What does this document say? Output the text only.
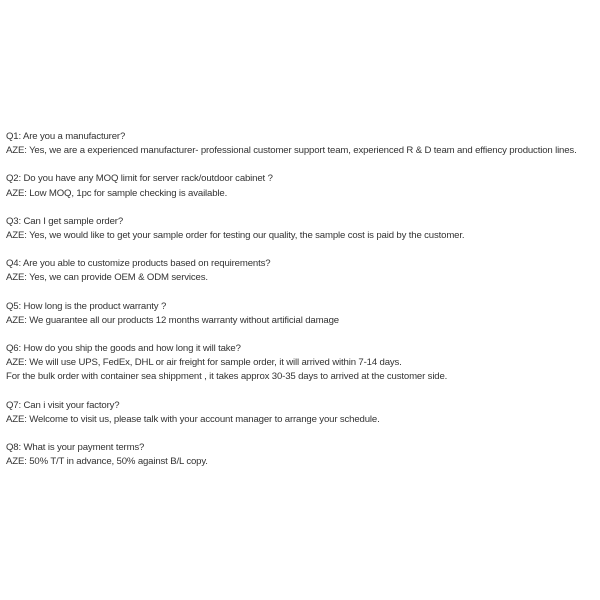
Q1: Are you a manufacturer?
AZE: Yes, we are a experienced manufacturer- professional customer support team, experienced R & D team and effiency production lines.
Q2: Do you have any MOQ limit for server rack/outdoor cabinet ?
AZE: Low MOQ, 1pc for sample checking is available.
Q3: Can I get sample order?
AZE: Yes, we would like to get your sample order for testing our quality, the sample cost is paid by the customer.
Q4: Are you able to customize products based on requirements?
AZE: Yes, we can provide OEM & ODM services.
Q5: How long is the product warranty ?
AZE: We guarantee all our products 12 months warranty without artificial damage
Q6: How do you ship the goods and how long it will take?
AZE: We will use UPS, FedEx, DHL or air freight for sample order, it will arrived within 7-14 days.
For the bulk order with container sea shippment , it takes approx 30-35 days to arrived at the customer side.
Q7: Can i visit your factory?
AZE: Welcome to visit us, please talk with your account manager to arrange your schedule.
Q8: What is your payment terms?
AZE: 50% T/T in advance, 50% against B/L copy.
